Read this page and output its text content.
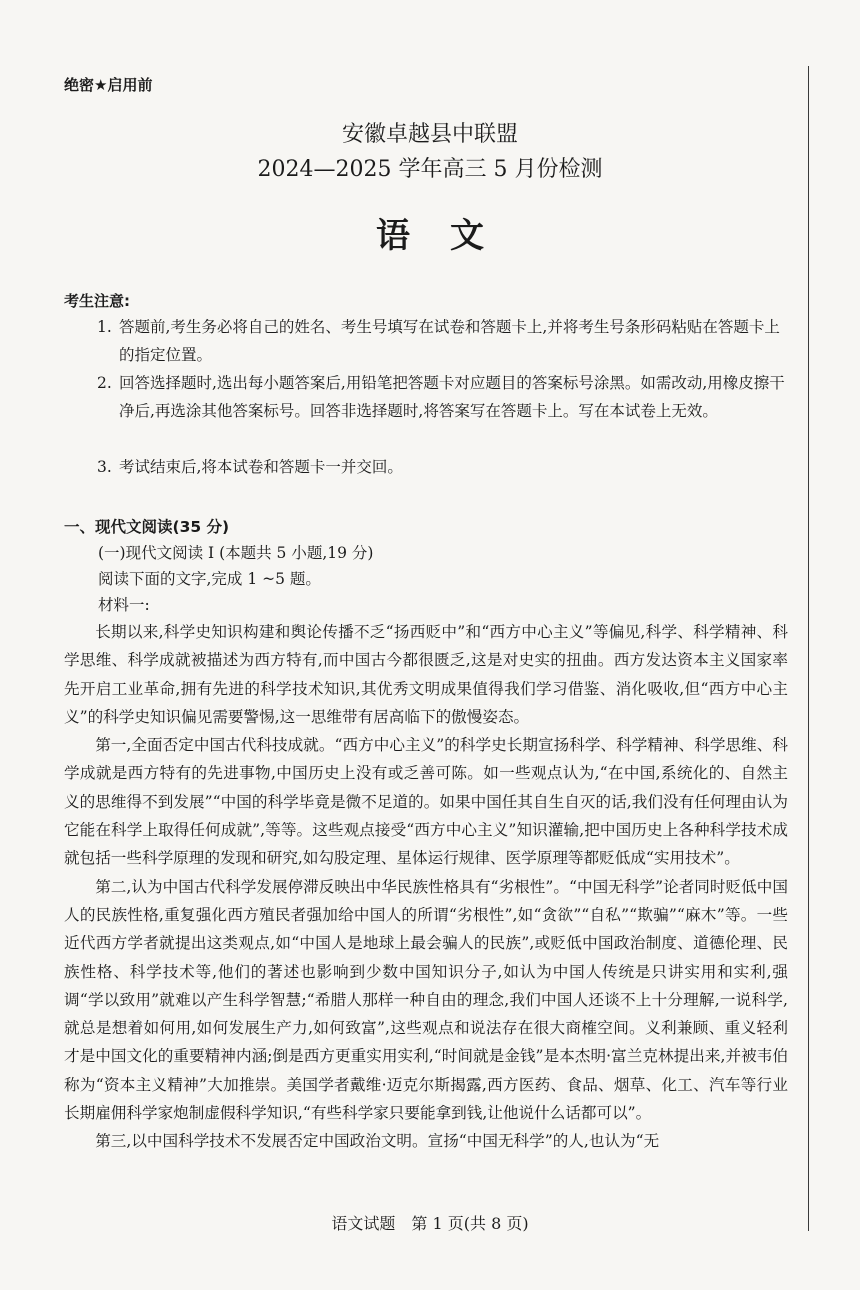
绝密★启用前
安徽卓越县中联盟
2024—2025 学年高三 5 月份检测
语文
考生注意:
1. 答题前,考生务必将自己的姓名、考生号填写在试卷和答题卡上,并将考生号条形码粘贴在答题卡上的指定位置。
2. 回答选择题时,选出每小题答案后,用铅笔把答题卡对应题目的答案标号涂黑。如需改动,用橡皮擦干净后,再选涂其他答案标号。回答非选择题时,将答案写在答题卡上。写在本试卷上无效。
3. 考试结束后,将本试卷和答题卡一并交回。
一、现代文阅读(35 分)
(一)现代文阅读 Ⅰ (本题共 5 小题,19 分)
阅读下面的文字,完成 1 ~5 题。
材料一:

长期以来,科学史知识构建和舆论传播不乏“扬西贬中”和“西方中心主义”等偏见,科学、科学精神、科学思维、科学成就被描述为西方特有,而中国古今都很匮乏,这是对史实的扭曲。西方发达资本主义国家率先开启工业革命,拥有先进的科学技术知识,其优秀文明成果值得我们学习借鉴、消化吸收,但“西方中心主义”的科学史知识偏见需要警惕,这一思维带有居高临下的傲慢姿态。

第一,全面否定中国古代科技成就。“西方中心主义”的科学史长期宣扬科学、科学精神、科学思维、科学成就是西方特有的先进事物,中国历史上没有或乏善可陈。如一些观点认为,“在中国,系统化的、自然主义的思维得不到发展”“中国的科学毕竟是微不足道的。如果中国任其自生自灭的话,我们没有任何理由认为它能在科学上取得任何成就”,等等。这些观点接受“西方中心主义”知识灌输,把中国历史上各种科学技术成就包括一些科学原理的发现和研究,如勾股定理、星体运行规律、医学原理等都贬低成“实用技术”。

第二,认为中国古代科学发展停滞反映出中华民族性格具有“劣根性”。“中国无科学”论者同时贬低中国人的民族性格,重复强化西方殖民者强加给中国人的所谓“劣根性”,如“贪欲”“自私”“欺骗”“麻木”等。一些近代西方学者就提出这类观点,如“中国人是地球上最会骗人的民族”,或贬低中国政治制度、道德伦理、民族性格、科学技术等,他们的著述也影响到少数中国知识分子,如认为中国人传统是只讲实用和实利,强调“学以致用”就难以产生科学智慧;“希腊人那样一种自由的理念,我们中国人还谈不上十分理解,一说科学,就总是想着如何用,如何发展生产力,如何致富”,这些观点和说法存在很大商榷空间。义利兼顾、重义轻利才是中国文化的重要精神内涵;倒是西方更重实用实利,“时间就是金钱”是本杰明·富兰克林提出来,并被韦伯称为“资本主义精神”大加推崇。美国学者戴维·迈克尔斯揭露,西方医药、食品、烟草、化工、汽车等行业长期雇佣科学家炮制虚假科学知识,“有些科学家只要能拿到钱,让他说什么话都可以”。

第三,以中国科学技术不发展否定中国政治文明。宣扬“中国无科学”的人,也认为“无

语文试题　第 1 页(共 8 页)
